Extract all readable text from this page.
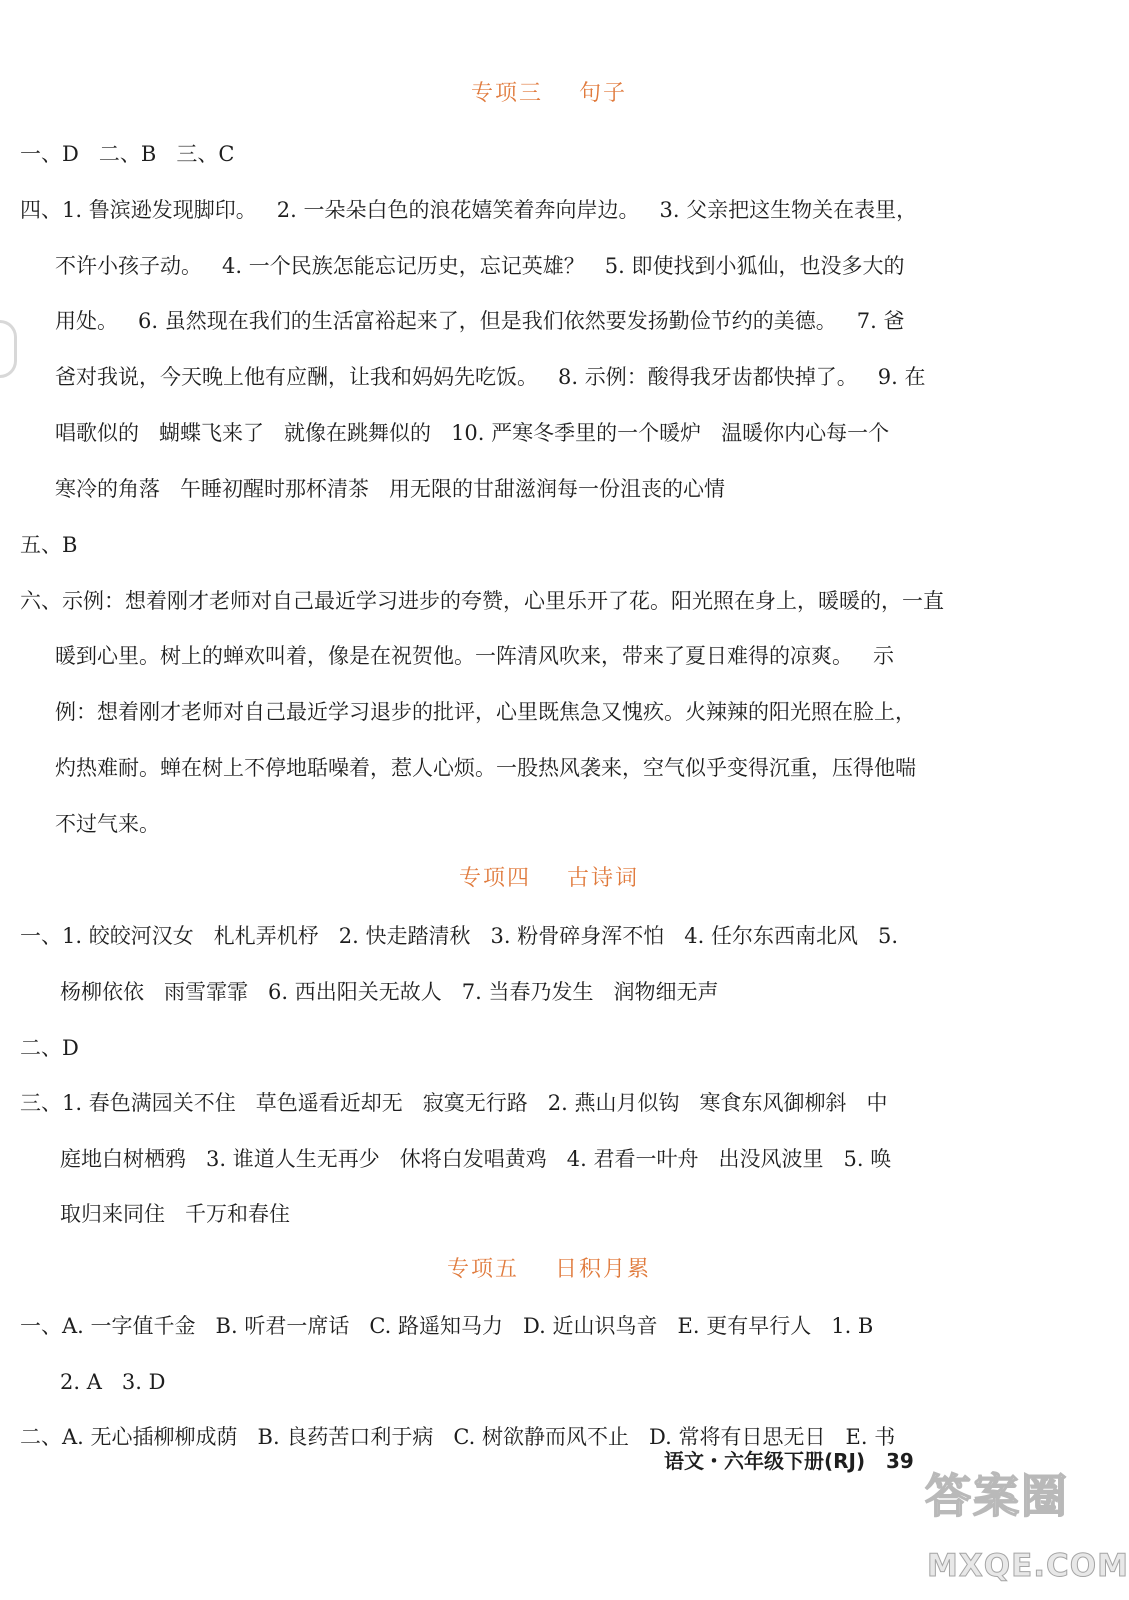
专项三    句子
一、D   二、B   三、C
四、1. 鲁滨逊发现脚印。   2. 一朵朵白色的浪花嬉笑着奔向岸边。   3. 父亲把这生物关在表里，
不许小孩子动。   4. 一个民族怎能忘记历史，忘记英雄？   5. 即使找到小狐仙，也没多大的
用处。   6. 虽然现在我们的生活富裕起来了，但是我们依然要发扬勤俭节约的美德。   7. 爸
爸对我说，今天晚上他有应酬，让我和妈妈先吃饭。   8. 示例：酸得我牙齿都快掉了。   9. 在
唱歌似的   蝴蝶飞来了   就像在跳舞似的   10. 严寒冬季里的一个暖炉   温暖你内心每一个
寒冷的角落   午睡初醒时那杯清茶   用无限的甘甜滋润每一份沮丧的心情
五、B
六、示例：想着刚才老师对自己最近学习进步的夸赞，心里乐开了花。阳光照在身上，暖暖的，一直
暖到心里。树上的蝉欢叫着，像是在祝贺他。一阵清风吹来，带来了夏日难得的凉爽。   示
例：想着刚才老师对自己最近学习退步的批评，心里既焦急又愧疚。火辣辣的阳光照在脸上，
灼热难耐。蝉在树上不停地聒噪着，惹人心烦。一股热风袭来，空气似乎变得沉重，压得他喘
不过气来。
专项四    古诗词
一、1. 皎皎河汉女   札札弄机杼   2. 快走踏清秋   3. 粉骨碎身浑不怕   4. 任尔东西南北风   5.
杨柳依依   雨雪霏霏   6. 西出阳关无故人   7. 当春乃发生   润物细无声
二、D
三、1. 春色满园关不住   草色遥看近却无   寂寞无行路   2. 燕山月似钩   寒食东风御柳斜   中
庭地白树栖鸦   3. 谁道人生无再少   休将白发唱黄鸡   4. 君看一叶舟   出没风波里   5. 唤
取归来同住   千万和春住
专项五    日积月累
一、A. 一字值千金   B. 听君一席话   C. 路遥知马力   D. 近山识鸟音   E. 更有早行人   1. B
2. A   3. D
二、A. 无心插柳柳成荫   B. 良药苦口利于病   C. 树欲静而风不止   D. 常将有日思无日   E. 书
语文・六年级下册(RJ)   39
答案圈
MXQE.COM
